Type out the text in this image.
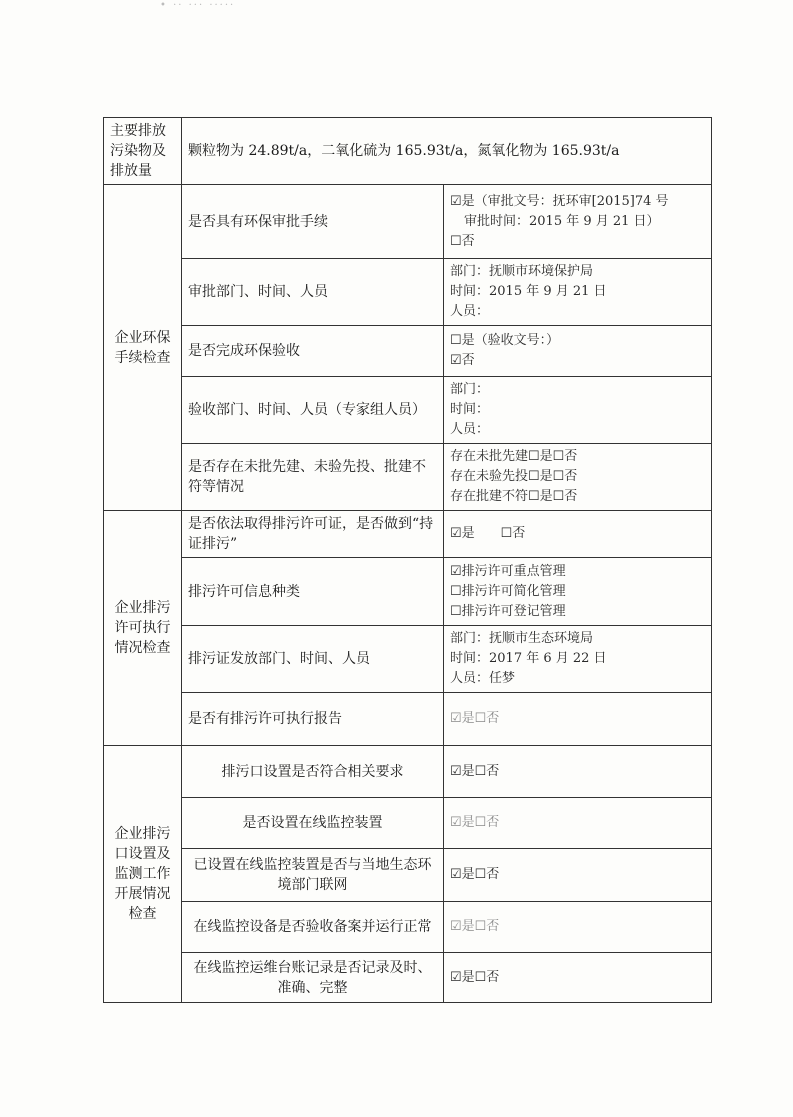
• ·· ··· ·····
主要排放污染物及排放量	颗粒物为 24.89t/a，二氧化硫为 165.93t/a，氮氧化物为 165.93t/a	
企业环保手续检查	是否具有环保审批手续	☑是（审批文号：抚环审[2015]74 号
审批时间：2015 年 9 月 21 日）
☐否

	审批部门、时间、人员	部门：抚顺市环境保护局
时间：2015 年 9 月 21 日
人员：

	是否完成环保验收	☐是（验收文号：）
☑否

	验收部门、时间、人员（专家组人员）	部门：
时间：
人员：

	是否存在未批先建、未验先投、批建不符等情况	存在未批先建☐是☐否
存在未验先投☐是☐否
存在批建不符☐是☐否

企业排污许可执行情况检查	是否依法取得排污许可证，是否做到“持证排污”	☑是　　☐否

	排污许可信息种类	☑排污许可重点管理
☐排污许可简化管理
☐排污许可登记管理

	排污证发放部门、时间、人员	部门：抚顺市生态环境局
时间：2017 年 6 月 22 日
人员：任梦

	是否有排污许可执行报告	☑是☐否

企业排污口设置及监测工作开展情况检查	排污口设置是否符合相关要求	☑是☐否

	是否设置在线监控装置	☑是☐否

	已设置在线监控装置是否与当地生态环境部门联网	☑是☐否

	在线监控设备是否验收备案并运行正常	☑是☐否

	在线监控运维台账记录是否记录及时、准确、完整	☑是☐否
